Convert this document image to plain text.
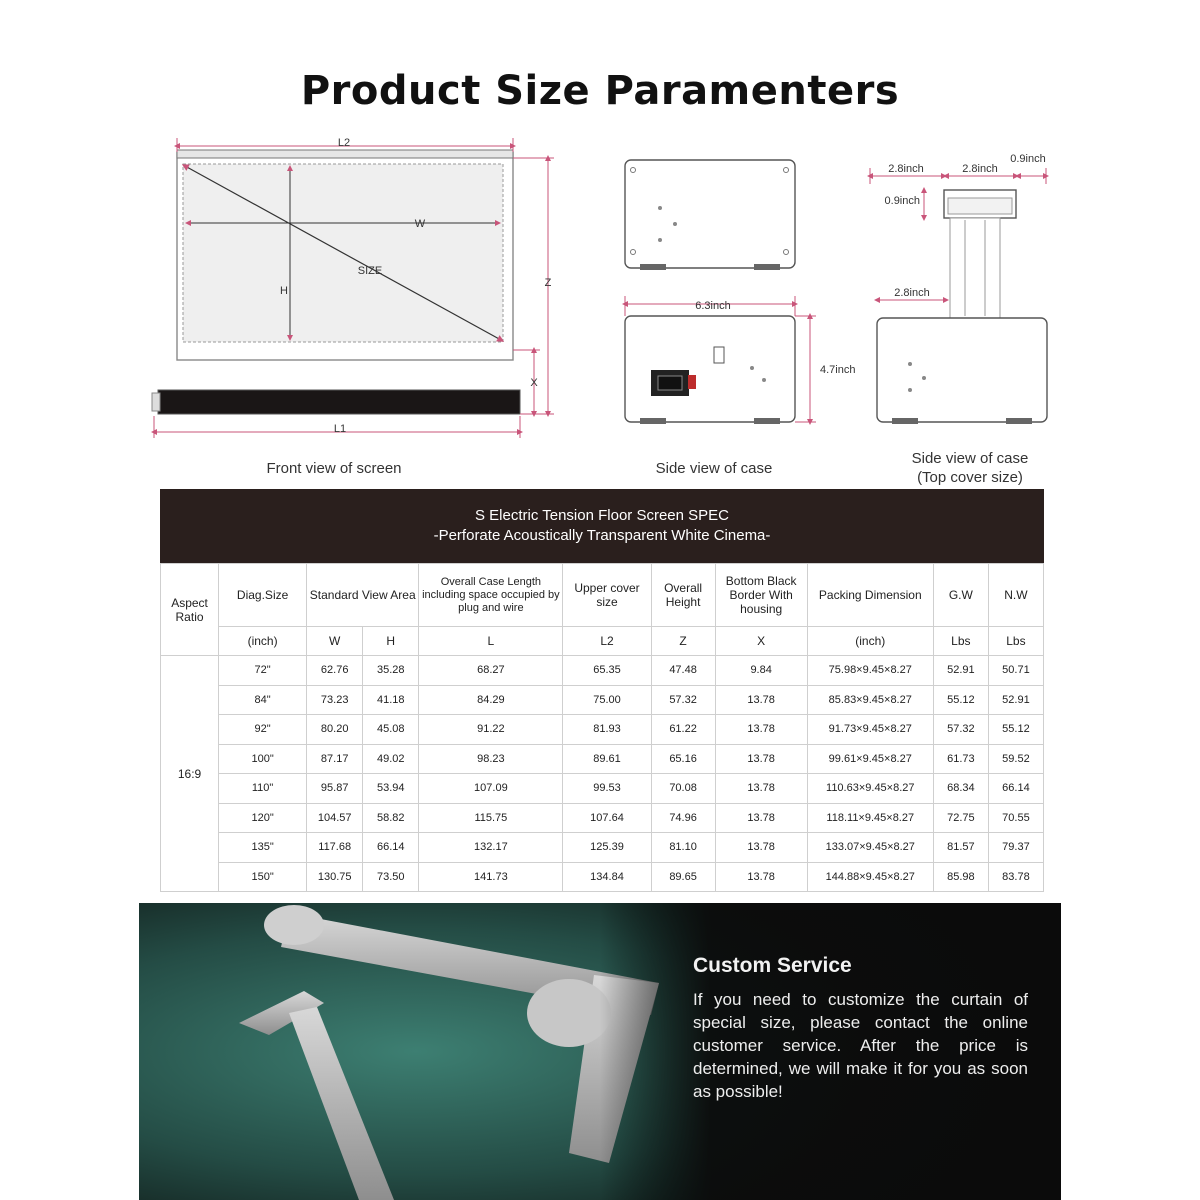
Product Size Paramenters
L2
W
SIZE
H
Z
X
L1
6.3inch
4.7inch
2.8inch	2.8inch
0.9inch
0.9inch
2.8inch
Front view of screen	Side view of case
Side view of case
(Top cover size)
S Electric Tension Floor Screen SPEC
-Perforate Acoustically Transparent White Cinema-
Aspect Ratio	Diag.Size	Standard View Area		Overall Case Length including space occupied by plug and wire	Upper cover size	Overall Height	Bottom Black Border With housing	Packing Dimension	G.W	N.W
	(inch)	W	H	L	L2	Z	X	(inch)	Lbs	Lbs
16:9	72"	62.76	35.28	68.27	65.35	47.48	9.84	75.98×9.45×8.27	52.91	50.71
	84"	73.23	41.18	84.29	75.00	57.32	13.78	85.83×9.45×8.27	55.12	52.91
	92"	80.20	45.08	91.22	81.93	61.22	13.78	91.73×9.45×8.27	57.32	55.12
	100"	87.17	49.02	98.23	89.61	65.16	13.78	99.61×9.45×8.27	61.73	59.52
	110"	95.87	53.94	107.09	99.53	70.08	13.78	110.63×9.45×8.27	68.34	66.14
	120"	104.57	58.82	115.75	107.64	74.96	13.78	118.11×9.45×8.27	72.75	70.55
	135"	117.68	66.14	132.17	125.39	81.10	13.78	133.07×9.45×8.27	81.57	79.37
	150"	130.75	73.50	141.73	134.84	89.65	13.78	144.88×9.45×8.27	85.98	83.78
Custom Service
If you need to customize the curtain of special size, please contact the online customer service. After the price is determined, we will make it for you as soon as possible!
